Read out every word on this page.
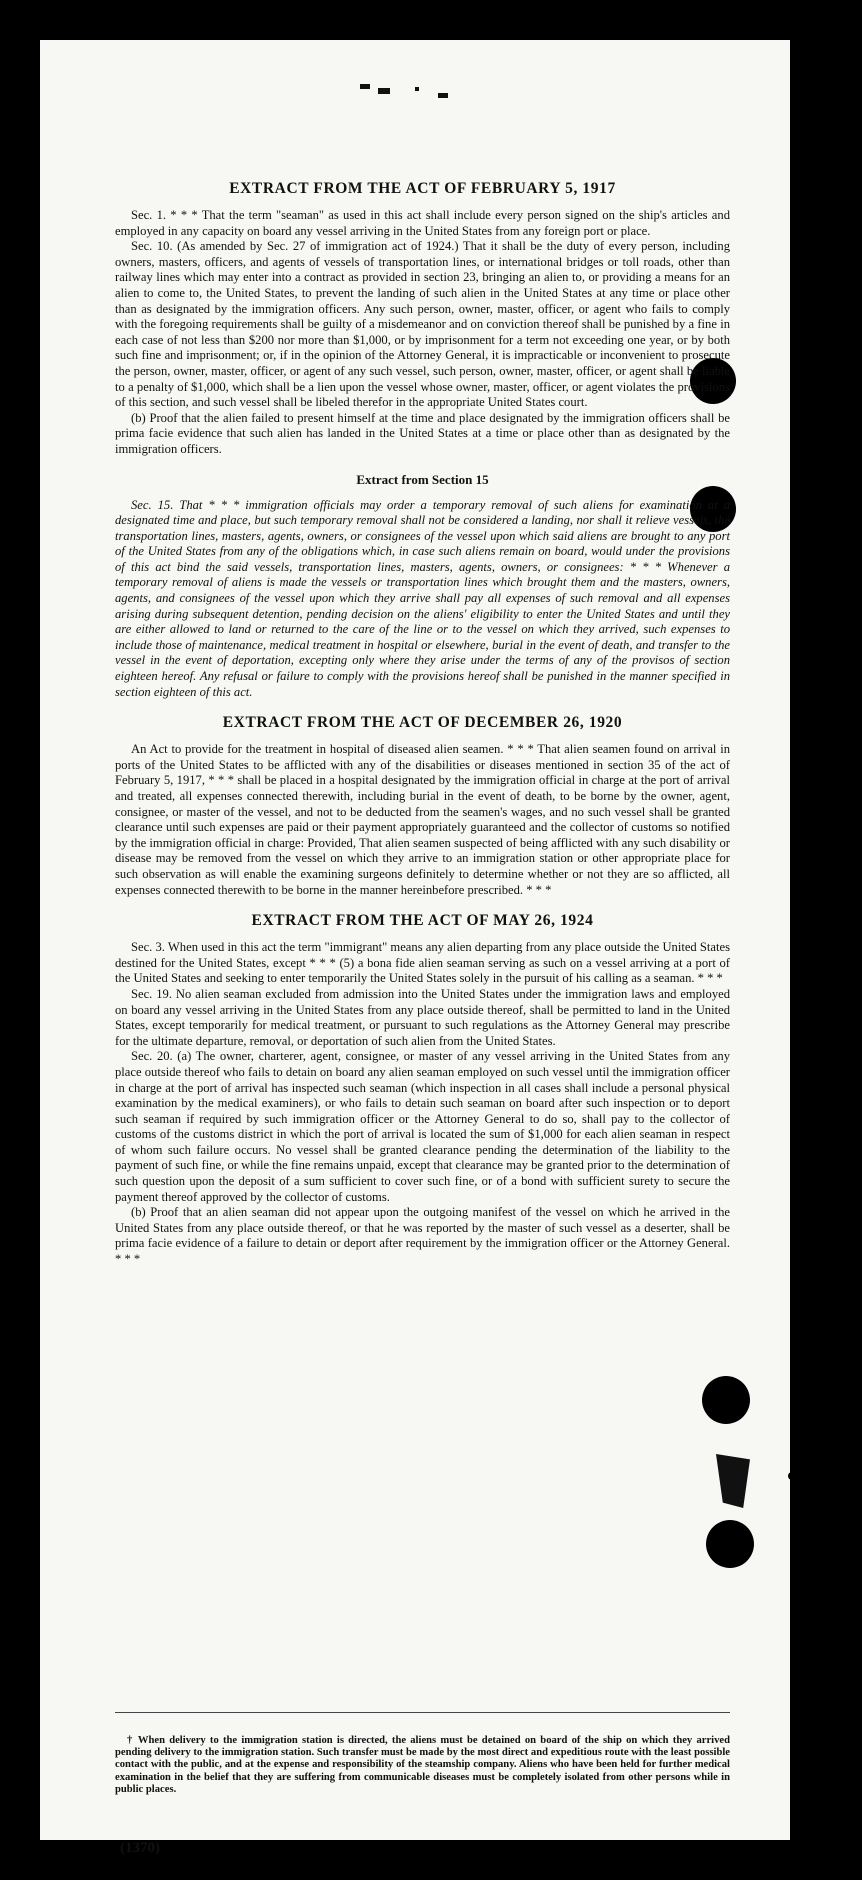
EXTRACT FROM THE ACT OF FEBRUARY 5, 1917

Sec. 1. * * * That the term "seaman" as used in this act shall include every person signed on the ship's articles and employed in any capacity on board any vessel arriving in the United States from any foreign port or place.

Sec. 10. (As amended by Sec. 27 of immigration act of 1924.) That it shall be the duty of every person, including owners, masters, officers, and agents of vessels of transportation lines, or international bridges or toll roads, other than railway lines which may enter into a contract as provided in section 23, bringing an alien to, or providing a means for an alien to come to, the United States, to prevent the landing of such alien in the United States at any time or place other than as designated by the immigration officers. Any such person, owner, master, officer, or agent who fails to comply with the foregoing requirements shall be guilty of a misdemeanor and on conviction thereof shall be punished by a fine in each case of not less than $200 nor more than $1,000, or by imprisonment for a term not exceeding one year, or by both such fine and imprisonment; or, if in the opinion of the Attorney General, it is impracticable or inconvenient to prosecute the person, owner, master, officer, or agent of any such vessel, such person, owner, master, officer, or agent shall be liable to a penalty of $1,000, which shall be a lien upon the vessel whose owner, master, officer, or agent violates the provisions of this section, and such vessel shall be libeled therefor in the appropriate United States court.

(b) Proof that the alien failed to present himself at the time and place designated by the immigration officers shall be prima facie evidence that such alien has landed in the United States at a time or place other than as designated by the immigration officers.

Extract from Section 15

Sec. 15. That * * * immigration officials may order a temporary removal of such aliens for examination at a designated time and place, but such temporary removal shall not be considered a landing, nor shall it relieve vessels, the transportation lines, masters, agents, owners, or consignees of the vessel upon which said aliens are brought to any port of the United States from any of the obligations which, in case such aliens remain on board, would under the provisions of this act bind the said vessels, transportation lines, masters, agents, owners, or consignees: * * * Whenever a temporary removal of aliens is made the vessels or transportation lines which brought them and the masters, owners, agents, and consignees of the vessel upon which they arrive shall pay all expenses of such removal and all expenses arising during subsequent detention, pending decision on the aliens' eligibility to enter the United States and until they are either allowed to land or returned to the care of the line or to the vessel on which they arrived, such expenses to include those of maintenance, medical treatment in hospital or elsewhere, burial in the event of death, and transfer to the vessel in the event of deportation, excepting only where they arise under the terms of any of the provisos of section eighteen hereof. Any refusal or failure to comply with the provisions hereof shall be punished in the manner specified in section eighteen of this act.

EXTRACT FROM THE ACT OF DECEMBER 26, 1920

An Act to provide for the treatment in hospital of diseased alien seamen. * * * That alien seamen found on arrival in ports of the United States to be afflicted with any of the disabilities or diseases mentioned in section 35 of the act of February 5, 1917, * * * shall be placed in a hospital designated by the immigration official in charge at the port of arrival and treated, all expenses connected therewith, including burial in the event of death, to be borne by the owner, agent, consignee, or master of the vessel, and not to be deducted from the seamen's wages, and no such vessel shall be granted clearance until such expenses are paid or their payment appropriately guaranteed and the collector of customs so notified by the immigration official in charge: Provided, That alien seamen suspected of being afflicted with any such disability or disease may be removed from the vessel on which they arrive to an immigration station or other appropriate place for such observation as will enable the examining surgeons definitely to determine whether or not they are so afflicted, all expenses connected therewith to be borne in the manner hereinbefore prescribed. * * *

EXTRACT FROM THE ACT OF MAY 26, 1924

Sec. 3. When used in this act the term "immigrant" means any alien departing from any place outside the United States destined for the United States, except * * * (5) a bona fide alien seaman serving as such on a vessel arriving at a port of the United States and seeking to enter temporarily the United States solely in the pursuit of his calling as a seaman. * * *

Sec. 19. No alien seaman excluded from admission into the United States under the immigration laws and employed on board any vessel arriving in the United States from any place outside thereof, shall be permitted to land in the United States, except temporarily for medical treatment, or pursuant to such regulations as the Attorney General may prescribe for the ultimate departure, removal, or deportation of such alien from the United States.

Sec. 20. (a) The owner, charterer, agent, consignee, or master of any vessel arriving in the United States from any place outside thereof who fails to detain on board any alien seaman employed on such vessel until the immigration officer in charge at the port of arrival has inspected such seaman (which inspection in all cases shall include a personal physical examination by the medical examiners), or who fails to detain such seaman on board after such inspection or to deport such seaman if required by such immigration officer or the Attorney General to do so, shall pay to the collector of customs of the customs district in which the port of arrival is located the sum of $1,000 for each alien seaman in respect of whom such failure occurs. No vessel shall be granted clearance pending the determination of the liability to the payment of such fine, or while the fine remains unpaid, except that clearance may be granted prior to the determination of such question upon the deposit of a sum sufficient to cover such fine, or of a bond with sufficient surety to secure the payment thereof approved by the collector of customs.

(b) Proof that an alien seaman did not appear upon the outgoing manifest of the vessel on which he arrived in the United States from any place outside thereof, or that he was reported by the master of such vessel as a deserter, shall be prima facie evidence of a failure to detain or deport after requirement by the immigration officer or the Attorney General. * * *

† When delivery to the immigration station is directed, the aliens must be detained on board of the ship on which they arrived pending delivery to the immigration station. Such transfer must be made by the most direct and expeditious route with the least possible contact with the public, and at the expense and responsibility of the steamship company. Aliens who have been held for further medical examination in the belief that they are suffering from communicable diseases must be completely isolated from other persons while in public places.

(1370)
